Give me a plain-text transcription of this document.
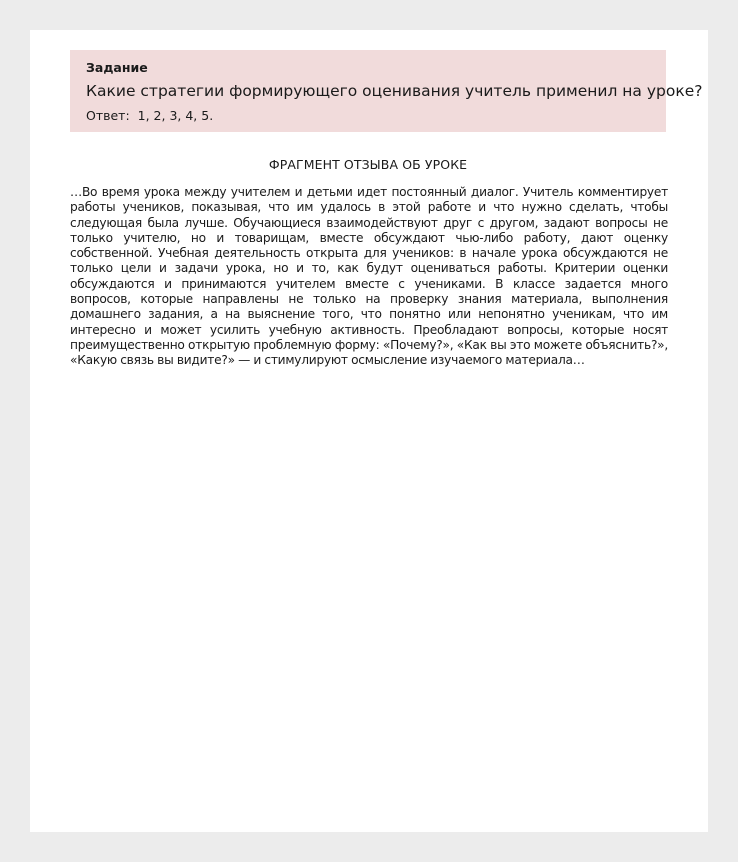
Задание
Какие стратегии формирующего оценивания учитель применил на уроке?
Ответ: 1, 2, 3, 4, 5.
ФРАГМЕНТ ОТЗЫВА ОБ УРОКЕ

…Во время урока между учителем и детьми идет постоянный диалог. Учитель комментирует работы учеников, показывая, что им удалось в этой работе и что нужно сделать, чтобы следующая была лучше. Обучающиеся взаимодействуют друг с другом, задают вопросы не только учителю, но и товарищам, вместе обсуждают чью-либо работу, дают оценку собственной. Учебная деятельность открыта для учеников: в начале урока обсуждаются не только цели и задачи урока, но и то, как будут оцениваться работы. Критерии оценки обсуждаются и принимаются учителем вместе с учениками. В классе задается много вопросов, которые направлены не только на проверку знания материала, выполнения домашнего задания, а на выяснение того, что понятно или непонятно ученикам, что им интересно и может усилить учебную активность. Преобладают вопросы, которые носят преимущественно открытую проблемную форму: «Почему?», «Как вы это можете объяснить?», «Какую связь вы видите?» — и стимулируют осмысление изучаемого материала…
